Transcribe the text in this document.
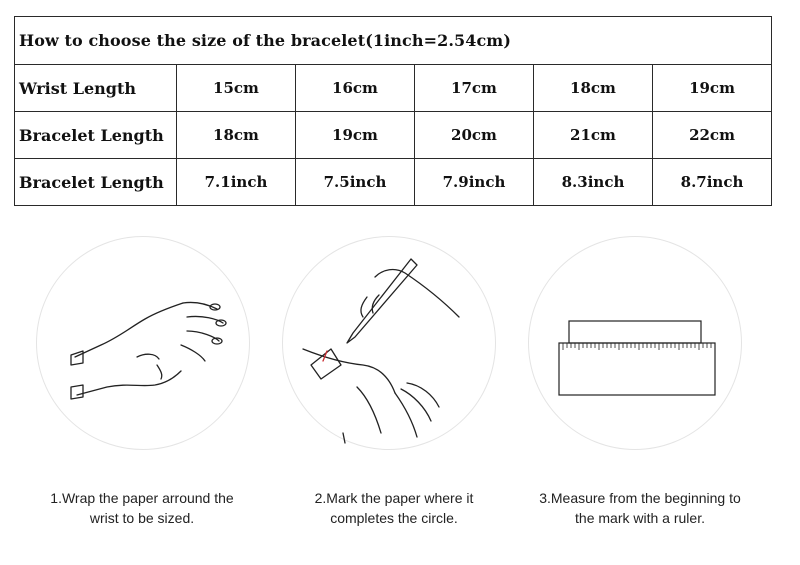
How to choose the size of the bracelet(1inch=2.54cm)					
Wrist Length	15cm	16cm	17cm	18cm	19cm
Bracelet Length	18cm	19cm	20cm	21cm	22cm
Bracelet Length	7.1inch	7.5inch	7.9inch	8.3inch	8.7inch
1.Wrap the paper arround the
wrist to be sized.
2.Mark the paper where it
completes the circle.
3.Measure from the beginning to
the mark with a ruler.
